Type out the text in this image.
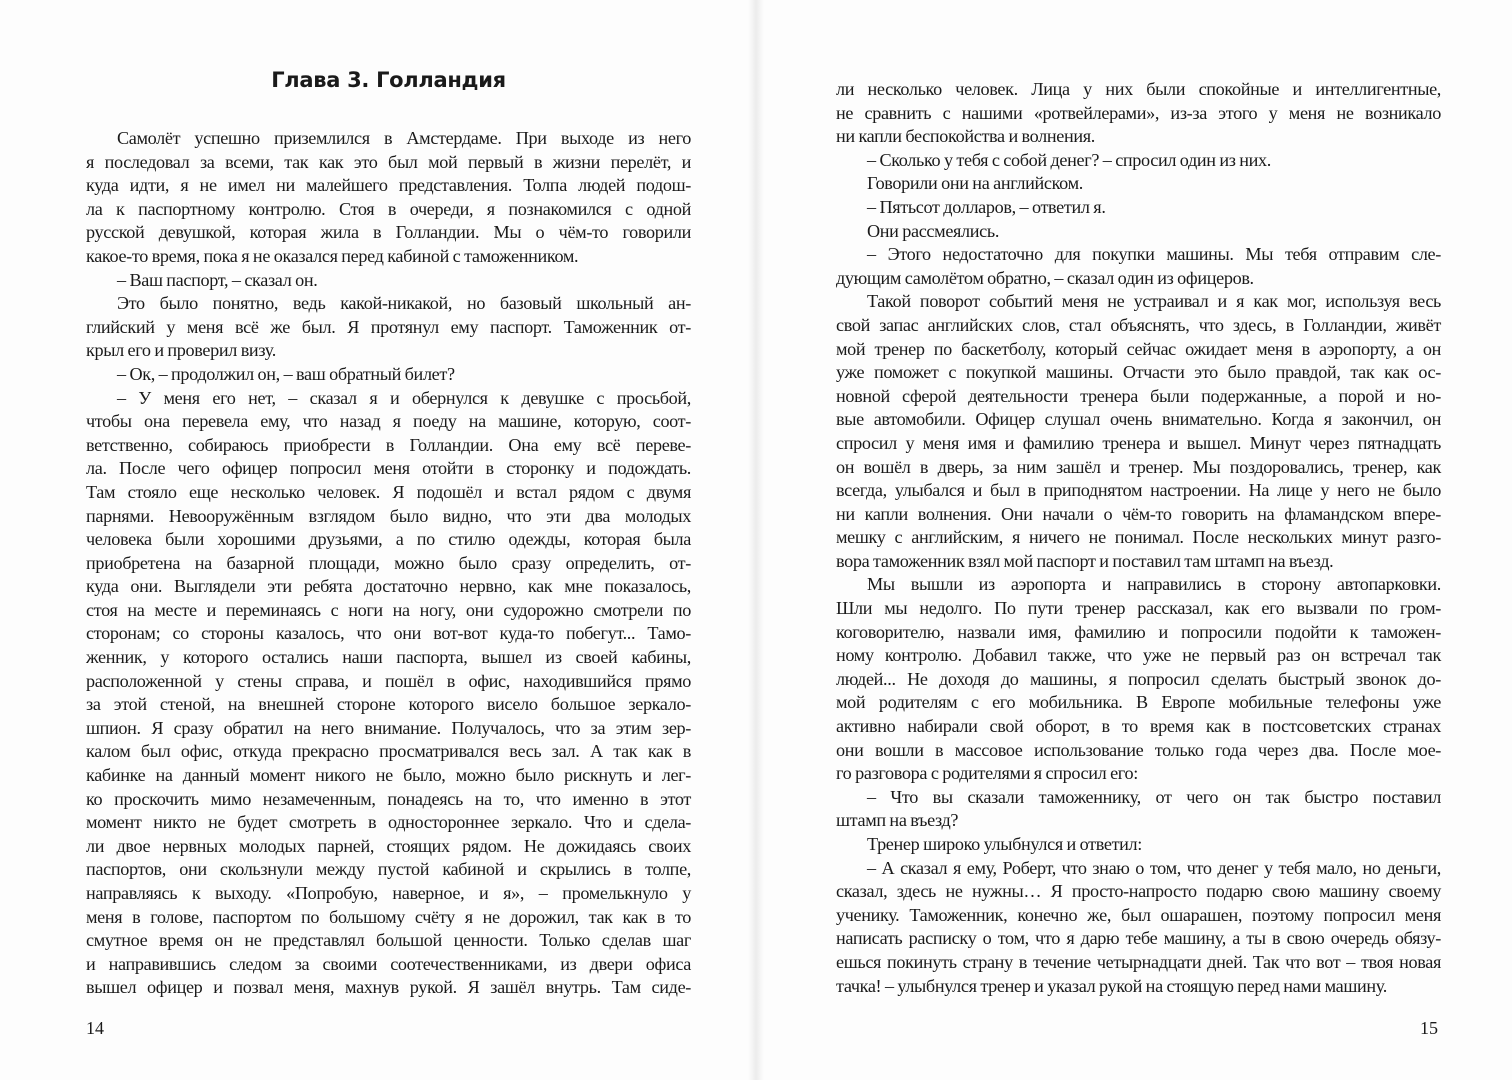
Глава 3. Голландия
Самолёт успешно приземлился в Амстердаме. При выходе из него
я последовал за всеми, так как это был мой первый в жизни перелёт, и
куда идти, я не имел ни малейшего представления. Толпа людей подош-
ла к паспортному контролю. Стоя в очереди, я познакомился с одной
русской девушкой, которая жила в Голландии. Мы о чём-то говорили
какое-то время, пока я не оказался перед кабиной с таможенником.
– Ваш паспорт, – сказал он.
Это было понятно, ведь какой-никакой, но базовый школьный ан-
глийский у меня всё же был. Я протянул ему паспорт. Таможенник от-
крыл его и проверил визу.
– Ок, – продолжил он, – ваш обратный билет?
– У меня его нет, – сказал я и обернулся к девушке с просьбой,
чтобы она перевела ему, что назад я поеду на машине, которую, соот-
ветственно, собираюсь приобрести в Голландии. Она ему всё переве-
ла. После чего офицер попросил меня отойти в сторонку и подождать.
Там стояло еще несколько человек. Я подошёл и встал рядом с двумя
парнями. Невооружённым взглядом было видно, что эти два молодых
человека были хорошими друзьями, а по стилю одежды, которая была
приобретена на базарной площади, можно было сразу определить, от-
куда они. Выглядели эти ребята достаточно нервно, как мне показалось,
стоя на месте и переминаясь с ноги на ногу, они судорожно смотрели по
сторонам; со стороны казалось, что они вот-вот куда-то побегут... Тамо-
женник, у которого остались наши паспорта, вышел из своей кабины,
расположенной у стены справа, и пошёл в офис, находившийся прямо
за этой стеной, на внешней стороне которого висело большое зеркало-
шпион. Я сразу обратил на него внимание. Получалось, что за этим зер-
калом был офис, откуда прекрасно просматривался весь зал. А так как в
кабинке на данный момент никого не было, можно было рискнуть и лег-
ко проскочить мимо незамеченным, понадеясь на то, что именно в этот
момент никто не будет смотреть в одностороннее зеркало. Что и сдела-
ли двое нервных молодых парней, стоящих рядом. Не дожидаясь своих
паспортов, они скользнули между пустой кабиной и скрылись в толпе,
направляясь к выходу. «Попробую, наверное, и я», – промелькнуло у
меня в голове, паспортом по большому счёту я не дорожил, так как в то
смутное время он не представлял большой ценности. Только сделав шаг
и направившись следом за своими соотечественниками, из двери офиса
вышел офицер и позвал меня, махнув рукой. Я зашёл внутрь. Там сиде-
14
ли несколько человек. Лица у них были спокойные и интеллигентные,
не сравнить с нашими «ротвейлерами», из-за этого у меня не возникало
ни капли беспокойства и волнения.
– Сколько у тебя с собой денег? – спросил один из них.
Говорили они на английском.
– Пятьсот долларов, – ответил я.
Они рассмеялись.
– Этого недостаточно для покупки машины. Мы тебя отправим сле-
дующим самолётом обратно, – сказал один из офицеров.
Такой поворот событий меня не устраивал и я как мог, используя весь
свой запас английских слов, стал объяснять, что здесь, в Голландии, живёт
мой тренер по баскетболу, который сейчас ожидает меня в аэропорту, а он
уже поможет с покупкой машины. Отчасти это было правдой, так как ос-
новной сферой деятельности тренера были подержанные, а порой и но-
вые автомобили. Офицер слушал очень внимательно. Когда я закончил, он
спросил у меня имя и фамилию тренера и вышел. Минут через пятнадцать
он вошёл в дверь, за ним зашёл и тренер. Мы поздоровались, тренер, как
всегда, улыбался и был в приподнятом настроении. На лице у него не было
ни капли волнения. Они начали о чём-то говорить на фламандском впере-
мешку с английским, я ничего не понимал. После нескольких минут разго-
вора таможенник взял мой паспорт и поставил там штамп на въезд.
Мы вышли из аэропорта и направились в сторону автопарковки.
Шли мы недолго. По пути тренер рассказал, как его вызвали по гром-
коговорителю, назвали имя, фамилию и попросили подойти к таможен-
ному контролю. Добавил также, что уже не первый раз он встречал так
людей... Не доходя до машины, я попросил сделать быстрый звонок до-
мой родителям с его мобильника. В Европе мобильные телефоны уже
активно набирали свой оборот, в то время как в постсоветских странах
они вошли в массовое использование только года через два. После мое-
го разговора с родителями я спросил его:
– Что вы сказали таможеннику, от чего он так быстро поставил
штамп на въезд?
Тренер широко улыбнулся и ответил:
– А сказал я ему, Роберт, что знаю о том, что денег у тебя мало, но деньги,
сказал, здесь не нужны… Я просто-напросто подарю свою машину своему
ученику. Таможенник, конечно же, был ошарашен, поэтому попросил меня
написать расписку о том, что я дарю тебе машину, а ты в свою очередь обязу-
ешься покинуть страну в течение четырнадцати дней. Так что вот – твоя новая
тачка! – улыбнулся тренер и указал рукой на стоящую перед нами машину.
15
